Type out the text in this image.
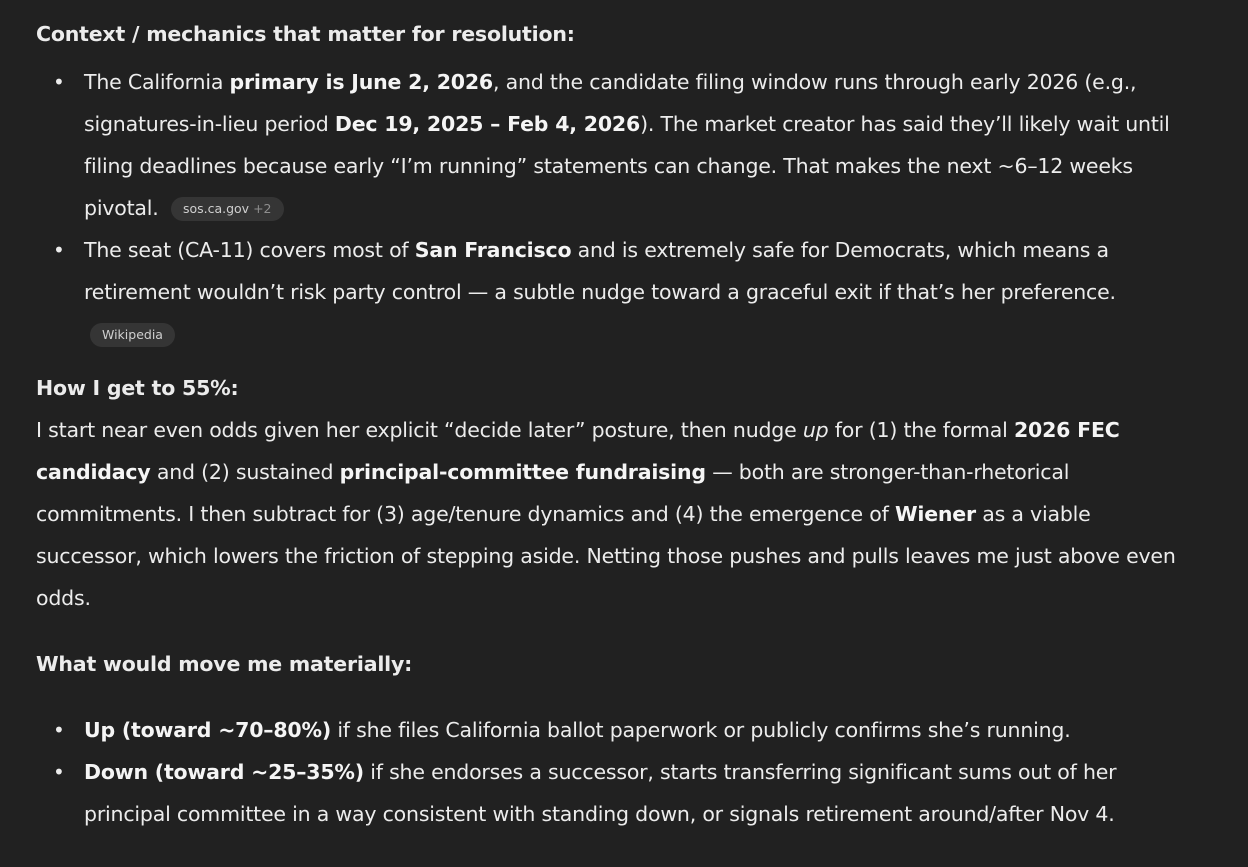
Context / mechanics that matter for resolution:

• The California primary is June 2, 2026, and the candidate filing window runs through early 2026 (e.g., signatures-in-lieu period Dec 19, 2025 – Feb 4, 2026). The market creator has said they’ll likely wait until filing deadlines because early “I’m running” statements can change. That makes the next ~6–12 weeks pivotal. sos.ca.gov +2
• The seat (CA-11) covers most of San Francisco and is extremely safe for Democrats, which means a retirement wouldn’t risk party control — a subtle nudge toward a graceful exit if that’s her preference.
Wikipedia

How I get to 55%:

I start near even odds given her explicit “decide later” posture, then nudge up for (1) the formal 2026 FEC candidacy and (2) sustained principal-committee fundraising — both are stronger-than-rhetorical commitments. I then subtract for (3) age/tenure dynamics and (4) the emergence of Wiener as a viable successor, which lowers the friction of stepping aside. Netting those pushes and pulls leaves me just above even odds.

What would move me materially:

• Up (toward ~70–80%) if she files California ballot paperwork or publicly confirms she’s running.
• Down (toward ~25–35%) if she endorses a successor, starts transferring significant sums out of her principal committee in a way consistent with standing down, or signals retirement around/after Nov 4.
